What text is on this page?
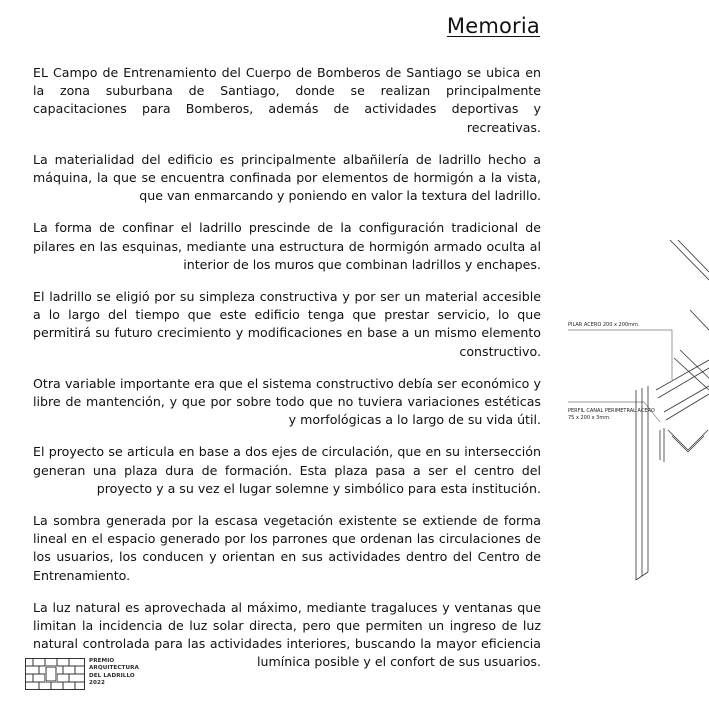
Memoria

EL Campo de Entrenamiento del Cuerpo de Bomberos de Santiago se ubica en la zona suburbana de Santiago, donde se realizan principalmente capacitaciones para Bomberos, además de actividades deportivas y recreativas.

La materialidad del edificio es principalmente albañilería de ladrillo hecho a máquina, la que se encuentra confinada por elementos de hormigón a la vista, que van enmarcando y poniendo en valor la textura del ladrillo.

La forma de confinar el ladrillo prescinde de la configuración tradicional de pilares en las esquinas, mediante una estructura de hormigón armado oculta al interior de los muros que combinan ladrillos y enchapes.

El ladrillo se eligió por su simpleza constructiva y por ser un material accesible a lo largo del tiempo que este edificio tenga que prestar servicio, lo que permitirá su futuro crecimiento y modificaciones en base a un mismo elemento constructivo.

Otra variable importante era que el sistema constructivo debía ser económico y libre de mantención, y que por sobre todo que no tuviera variaciones estéticas y morfológicas a lo largo de su vida útil.

El proyecto se articula en base a dos ejes de circulación, que en su intersección generan una plaza dura de formación. Esta plaza pasa a ser el centro del proyecto y a su vez el lugar solemne y simbólico para esta institución.

La sombra generada por la escasa vegetación existente se extiende de forma lineal en el espacio generado por los parrones que ordenan las circulaciones de los usuarios, los conducen y orientan en sus actividades dentro del Centro de Entrenamiento.

La luz natural es aprovechada al máximo, mediante tragaluces y ventanas que limitan la incidencia de luz solar directa, pero que permiten un ingreso de luz natural controlada para las actividades interiores, buscando la mayor eficiencia lumínica posible y el confort de sus usuarios.

PILAR ACERO 200 x 200mm.
PERFIL CANAL PERIMETRAL ACERO
75 x 200 x 3mm.
PREMIO
ARQUITECTURA
DEL LADRILLO
2022
